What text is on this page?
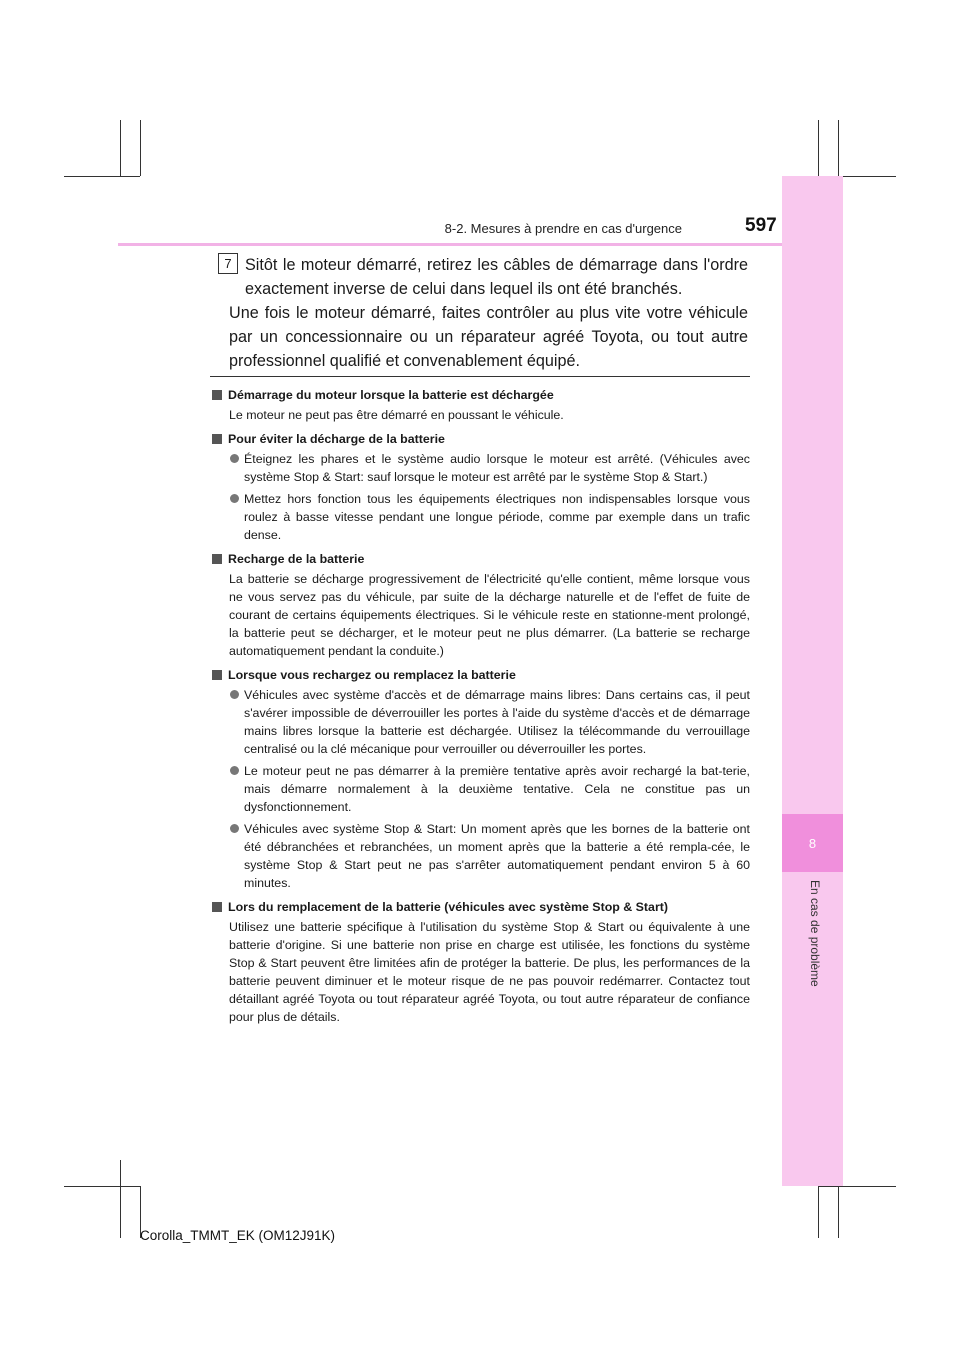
8
En cas de problème
8-2. Mesures à prendre en cas d'urgence	597
7 Sitôt le moteur démarré, retirez les câbles de démarrage dans l'ordre exactement inverse de celui dans lequel ils ont été branchés.
Une fois le moteur démarré, faites contrôler au plus vite votre véhicule par un concessionnaire ou un réparateur agréé Toyota, ou tout autre professionnel qualifié et convenablement équipé.
Démarrage du moteur lorsque la batterie est déchargée
Le moteur ne peut pas être démarré en poussant le véhicule.
Pour éviter la décharge de la batterie
Éteignez les phares et le système audio lorsque le moteur est arrêté. (Véhicules avec système Stop & Start: sauf lorsque le moteur est arrêté par le système Stop & Start.)
Mettez hors fonction tous les équipements électriques non indispensables lorsque vous roulez à basse vitesse pendant une longue période, comme par exemple dans un trafic dense.
Recharge de la batterie
La batterie se décharge progressivement de l'électricité qu'elle contient, même lorsque vous ne vous servez pas du véhicule, par suite de la décharge naturelle et de l'effet de fuite de courant de certains équipements électriques. Si le véhicule reste en stationne-ment prolongé, la batterie peut se décharger, et le moteur peut ne plus démarrer. (La batterie se recharge automatiquement pendant la conduite.)
Lorsque vous rechargez ou remplacez la batterie
Véhicules avec système d'accès et de démarrage mains libres: Dans certains cas, il peut s'avérer impossible de déverrouiller les portes à l'aide du système d'accès et de démarrage mains libres lorsque la batterie est déchargée. Utilisez la télécommande du verrouillage centralisé ou la clé mécanique pour verrouiller ou déverrouiller les portes.
Le moteur peut ne pas démarrer à la première tentative après avoir rechargé la bat-terie, mais démarre normalement à la deuxième tentative. Cela ne constitue pas un dysfonctionnement.
Véhicules avec système Stop & Start: Un moment après que les bornes de la batterie ont été débranchées et rebranchées, un moment après que la batterie a été rempla-cée, le système Stop & Start peut ne pas s'arrêter automatiquement pendant environ 5 à 60 minutes.
Lors du remplacement de la batterie (véhicules avec système Stop & Start)
Utilisez une batterie spécifique à l'utilisation du système Stop & Start ou équivalente à une batterie d'origine. Si une batterie non prise en charge est utilisée, les fonctions du système Stop & Start peuvent être limitées afin de protéger la batterie. De plus, les performances de la batterie peuvent diminuer et le moteur risque de ne pas pouvoir redémarrer. Contactez tout détaillant agréé Toyota ou tout réparateur agréé Toyota, ou tout autre réparateur de confiance pour plus de détails.
Corolla_TMMT_EK (OM12J91K)
